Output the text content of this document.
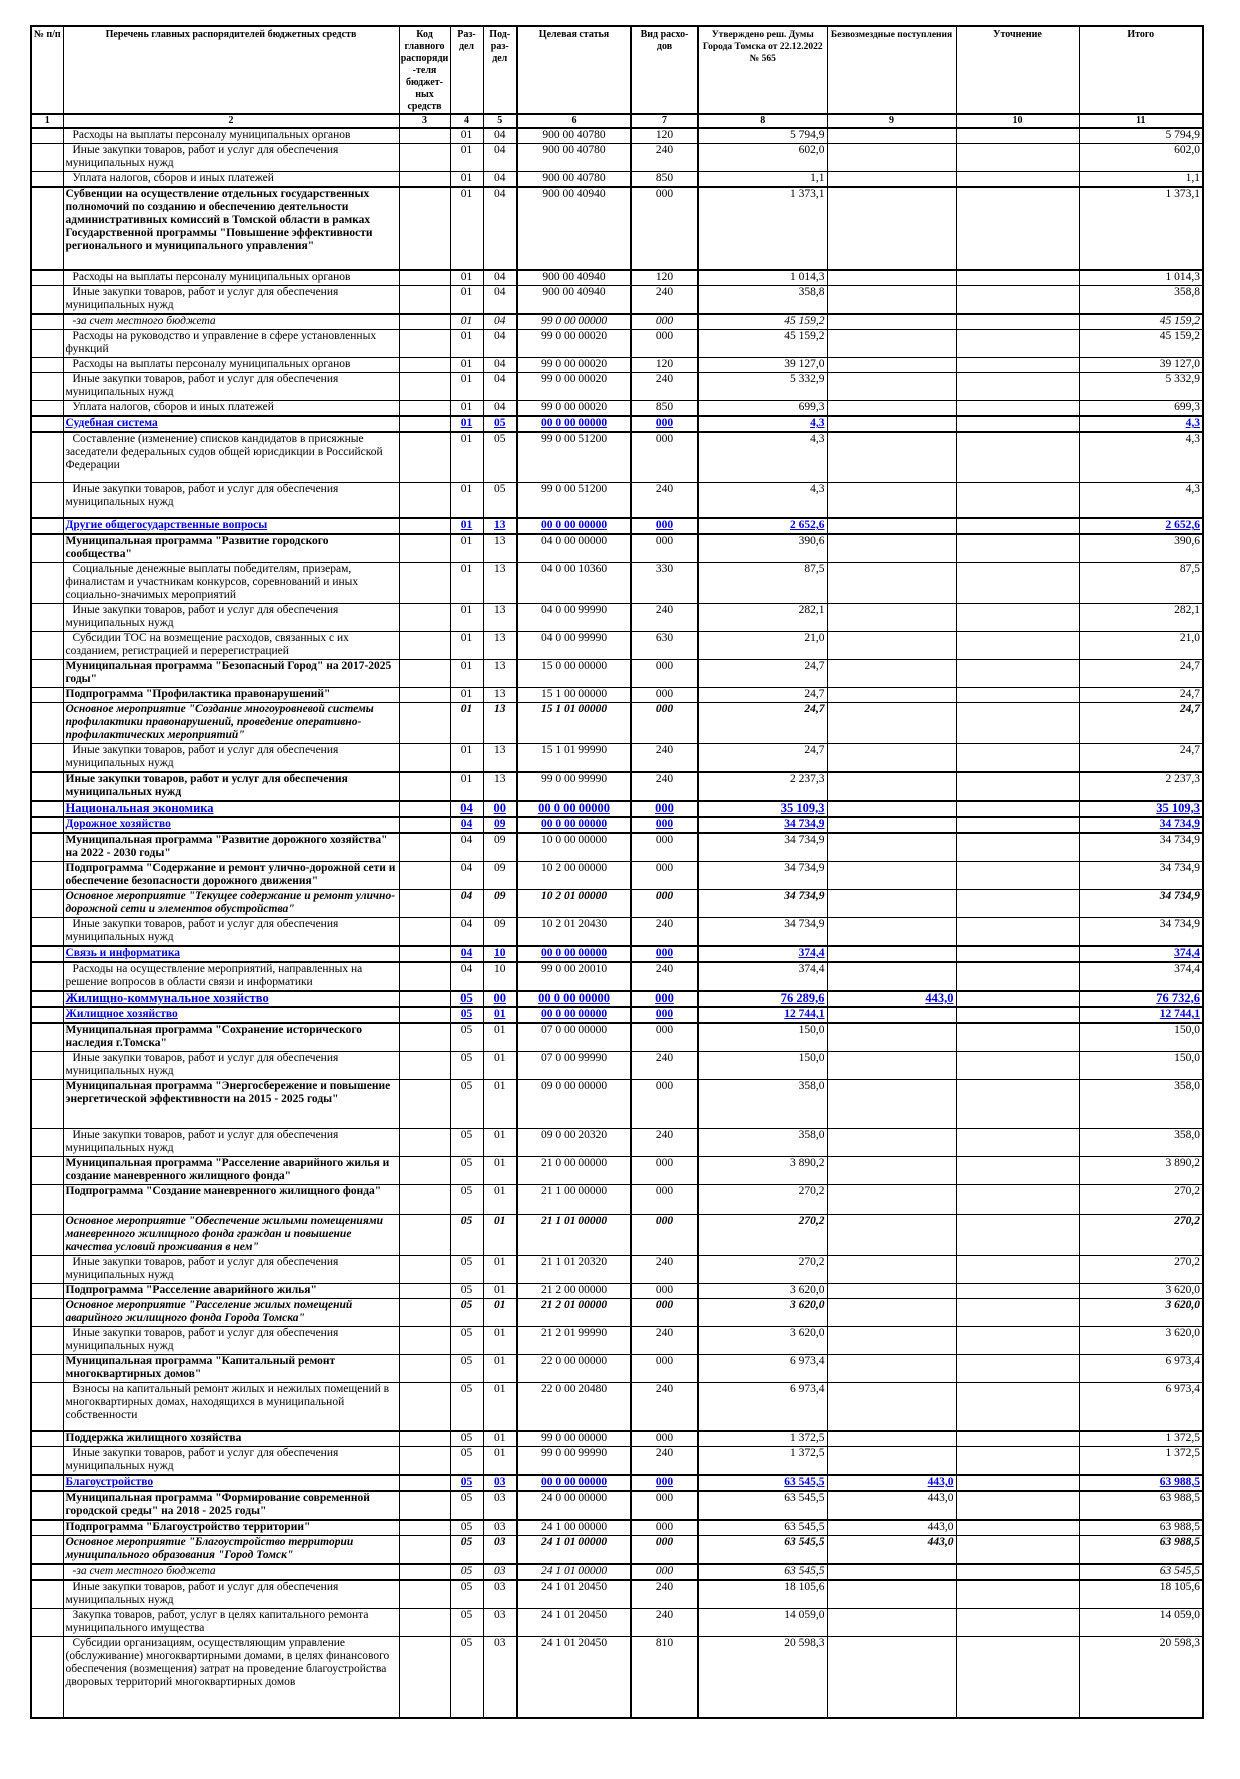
№ п/п	Перечень главных распорядителей бюджетных средств	Код главного распоряди-теля бюджет-ных средств	Раз-дел	Под-раз-дел	Целевая статья	Вид расхо-дов	Утверждено реш. Думы Города Томска от 22.12.2022 № 565	Безвозмездные поступления	Уточнение	Итого
1	2	3	4	5	6	7	8	9	10	11
	Расходы на выплаты персоналу муниципальных органов		01	04	900 00 40780	120	5 794,9			5 794,9
	Иные закупки товаров, работ и услуг для обеспечения муниципальных нужд		01	04	900 00 40780	240	602,0			602,0
	Уплата налогов, сборов и иных платежей		01	04	900 00 40780	850	1,1			1,1
	Субвенции на осуществление отдельных государственных полномочий по созданию и обеспечению деятельности административных комиссий в Томской области в рамках Государственной программы "Повышение эффективности регионального и муниципального управления"		01	04	900 00 40940	000	1 373,1			1 373,1
	Расходы на выплаты персоналу муниципальных органов		01	04	900 00 40940	120	1 014,3			1 014,3
	Иные закупки товаров, работ и услуг для обеспечения муниципальных нужд		01	04	900 00 40940	240	358,8			358,8
	-за счет местного бюджета		01	04	99 0 00 00000	000	45 159,2			45 159,2
	Расходы на руководство и управление в сфере установленных функций		01	04	99 0 00 00020	000	45 159,2			45 159,2
	Расходы на выплаты персоналу муниципальных органов		01	04	99 0 00 00020	120	39 127,0			39 127,0
	Иные закупки товаров, работ и услуг для обеспечения муниципальных нужд		01	04	99 0 00 00020	240	5 332,9			5 332,9
	Уплата налогов, сборов и иных платежей		01	04	99 0 00 00020	850	699,3			699,3
	Судебная система		01	05	00 0 00 00000	000	4,3			4,3
	Составление (изменение) списков кандидатов в присяжные заседатели федеральных судов общей юрисдикции в Российской Федерации		01	05	99 0 00 51200	000	4,3			4,3
	Иные закупки товаров, работ и услуг для обеспечения муниципальных нужд		01	05	99 0 00 51200	240	4,3			4,3
	Другие общегосударственные вопросы		01	13	00 0 00 00000	000	2 652,6			2 652,6
	Муниципальная программа "Развитие городского сообщества"		01	13	04 0 00 00000	000	390,6			390,6
	Социальные денежные выплаты победителям, призерам, финалистам и участникам конкурсов, соревнований и иных социально-значимых мероприятий		01	13	04 0 00 10360	330	87,5			87,5
	Иные закупки товаров, работ и услуг для обеспечения муниципальных нужд		01	13	04 0 00 99990	240	282,1			282,1
	Субсидии ТОС на возмещение расходов, связанных с их созданием, регистрацией и перерегистрацией		01	13	04 0 00 99990	630	21,0			21,0
	Муниципальная программа "Безопасный Город" на 2017-2025 годы"		01	13	15 0 00 00000	000	24,7			24,7
	Подпрограмма "Профилактика правонарушений"		01	13	15 1 00 00000	000	24,7			24,7
	Основное мероприятие "Создание многоуровневой системы профилактики правонарушений, проведение оперативно-профилактических мероприятий"		01	13	15 1 01 00000	000	24,7			24,7
	Иные закупки товаров, работ и услуг для обеспечения муниципальных нужд		01	13	15 1 01 99990	240	24,7			24,7
	Иные закупки товаров, работ и услуг для обеспечения муниципальных нужд		01	13	99 0 00 99990	240	2 237,3			2 237,3
	Национальная экономика		04	00	00 0 00 00000	000	35 109,3			35 109,3
	Дорожное хозяйство		04	09	00 0 00 00000	000	34 734,9			34 734,9
	Муниципальная программа "Развитие дорожного хозяйства" на 2022 - 2030 годы"		04	09	10 0 00 00000	000	34 734,9			34 734,9
	Подпрограмма "Содержание и ремонт улично-дорожной сети и обеспечение безопасности дорожного движения"		04	09	10 2 00 00000	000	34 734,9			34 734,9
	Основное мероприятие "Текущее содержание и ремонт улично-дорожной сети и элементов обустройства"		04	09	10 2 01 00000	000	34 734,9			34 734,9
	Иные закупки товаров, работ и услуг для обеспечения муниципальных нужд		04	09	10 2 01 20430	240	34 734,9			34 734,9
	Связь и информатика		04	10	00 0 00 00000	000	374,4			374,4
	Расходы на осуществление мероприятий, направленных на решение вопросов в области связи и информатики		04	10	99 0 00 20010	240	374,4			374,4
	Жилищно-коммунальное хозяйство		05	00	00 0 00 00000	000	76 289,6	443,0		76 732,6
	Жилищное хозяйство		05	01	00 0 00 00000	000	12 744,1			12 744,1
	Муниципальная программа "Сохранение исторического наследия г.Томска"		05	01	07 0 00 00000	000	150,0			150,0
	Иные закупки товаров, работ и услуг для обеспечения муниципальных нужд		05	01	07 0 00 99990	240	150,0			150,0
	Муниципальная программа "Энергосбережение и повышение энергетической эффективности на 2015 - 2025 годы"		05	01	09 0 00 00000	000	358,0			358,0
	Иные закупки товаров, работ и услуг для обеспечения муниципальных нужд		05	01	09 0 00 20320	240	358,0			358,0
	Муниципальная программа "Расселение аварийного жилья и создание маневренного жилищного фонда"		05	01	21 0 00 00000	000	3 890,2			3 890,2
	Подпрограмма "Создание маневренного жилищного фонда"		05	01	21 1 00 00000	000	270,2			270,2
	Основное мероприятие "Обеспечение жилыми помещениями маневренного жилищного фонда граждан и повышение качества условий проживания в нем"		05	01	21 1 01 00000	000	270,2			270,2
	Иные закупки товаров, работ и услуг для обеспечения муниципальных нужд		05	01	21 1 01 20320	240	270,2			270,2
	Подпрограмма "Расселение аварийного жилья"		05	01	21 2 00 00000	000	3 620,0			3 620,0
	Основное мероприятие "Расселение жилых помещений аварийного жилищного фонда Города Томска"		05	01	21 2 01 00000	000	3 620,0			3 620,0
	Иные закупки товаров, работ и услуг для обеспечения муниципальных нужд		05	01	21 2 01 99990	240	3 620,0			3 620,0
	Муниципальная программа "Капитальный ремонт многоквартирных домов"		05	01	22 0 00 00000	000	6 973,4			6 973,4
	Взносы на капитальный ремонт жилых и нежилых помещений в многоквартирных домах, находящихся в муниципальной собственности		05	01	22 0 00 20480	240	6 973,4			6 973,4
	Поддержка жилищного хозяйства		05	01	99 0 00 00000	000	1 372,5			1 372,5
	Иные закупки товаров, работ и услуг для обеспечения муниципальных нужд		05	01	99 0 00 99990	240	1 372,5			1 372,5
	Благоустройство		05	03	00 0 00 00000	000	63 545,5	443,0		63 988,5
	Муниципальная программа "Формирование современной городской среды" на 2018 - 2025 годы"		05	03	24 0 00 00000	000	63 545,5	443,0		63 988,5
	Подпрограмма "Благоустройство территории"		05	03	24 1 00 00000	000	63 545,5	443,0		63 988,5
	Основное мероприятие "Благоустройство территории муниципального образования "Город Томск"		05	03	24 1 01 00000	000	63 545,5	443,0		63 988,5
	-за счет местного бюджета		05	03	24 1 01 00000	000	63 545,5			63 545,5
	Иные закупки товаров, работ и услуг для обеспечения муниципальных нужд		05	03	24 1 01 20450	240	18 105,6			18 105,6
	Закупка товаров, работ, услуг в целях капитального ремонта муниципального имущества		05	03	24 1 01 20450	240	14 059,0			14 059,0
	Субсидии организациям, осуществляющим управление (обслуживание) многоквартирными домами, в целях финансового обеспечения (возмещения) затрат на проведение благоустройства дворовых территорий многоквартирных домов		05	03	24 1 01 20450	810	20 598,3			20 598,3
